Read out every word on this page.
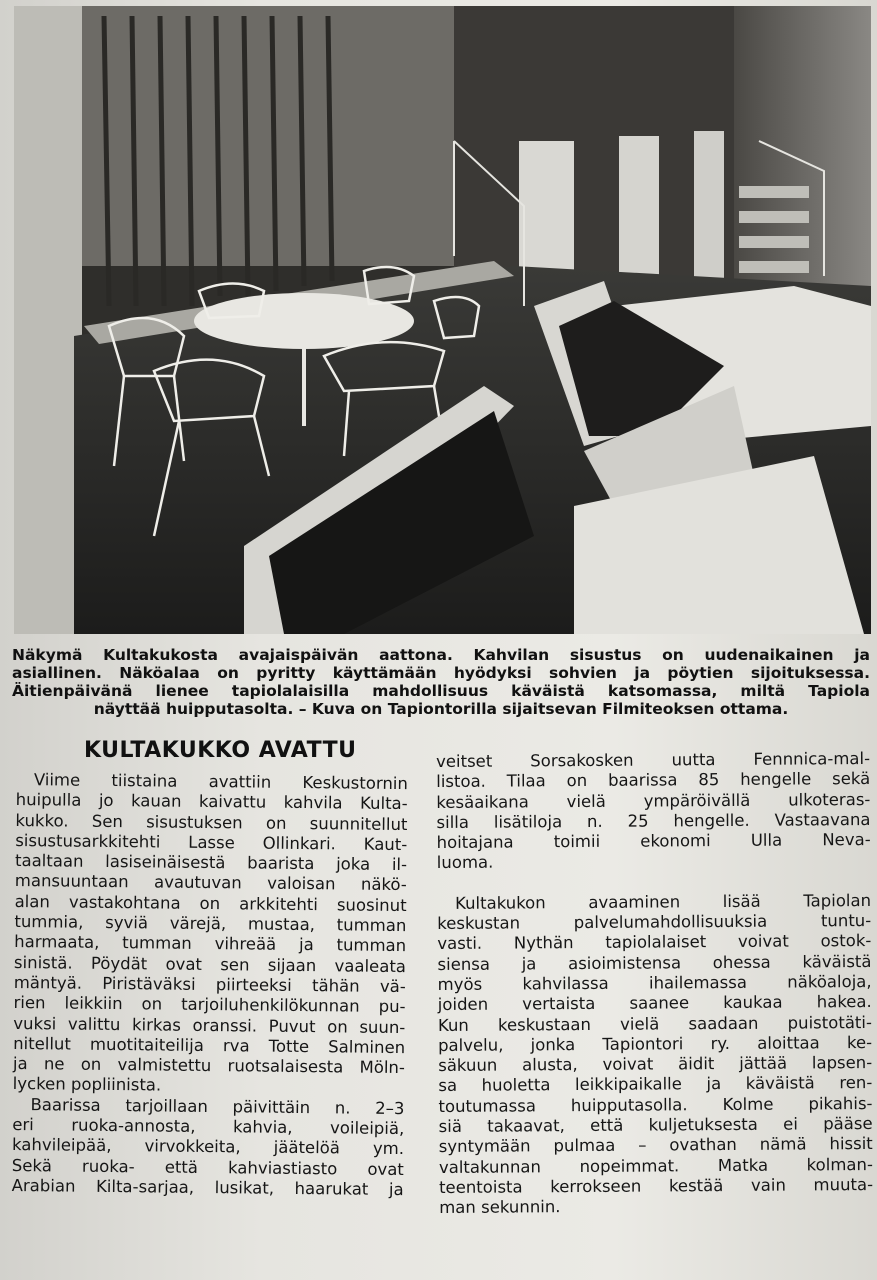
Näkymä Kultakukosta avajaispäivän aattona. Kahvilan sisustus on uudenaikainen ja
asiallinen. Näköalaa on pyritty käyttämään hyödyksi sohvien ja pöytien sijoituksessa.
Äitienpäivänä lienee tapiolalaisilla mahdollisuus käväistä katsomassa, miltä Tapiola
näyttää huipputasolta. – Kuva on Tapiontorilla sijaitsevan Filmiteoksen ottama.

KULTAKUKKO AVATTU
Viime tiistaina avattiin Keskustornin
huipulla jo kauan kaivattu kahvila Kulta-
kukko. Sen sisustuksen on suunnitellut
sisustusarkkitehti Lasse Ollinkari. Kaut-
taaltaan lasiseinäisestä baarista joka il-
mansuuntaan avautuvan valoisan näkö-
alan vastakohtana on arkkitehti suosinut
tummia, syviä värejä, mustaa, tumman
harmaata, tumman vihreää ja tumman
sinistä. Pöydät ovat sen sijaan vaaleata
mäntyä. Piristäväksi piirteeksi tähän vä-
rien leikkiin on tarjoiluhenkilökunnan pu-
vuksi valittu kirkas oranssi. Puvut on suun-
nitellut muotitaiteilija rva Totte Salminen
ja ne on valmistettu ruotsalaisesta Möln-
lycken popliinista.
Baarissa tarjoillaan päivittäin n. 2–3
eri ruoka-annosta, kahvia, voileipiä,
kahvileipää, virvokkeita, jäätelöä ym.
Sekä ruoka- että kahviastiasto ovat
Arabian Kilta-sarjaa, lusikat, haarukat ja
veitset Sorsakosken uutta Fennnica-mal-
listoa. Tilaa on baarissa 85 hengelle sekä
kesäaikana vielä ympäröivällä ulkoteras-
silla lisätiloja n. 25 hengelle. Vastaavana
hoitajana toimii ekonomi Ulla Neva-
luoma.
Kultakukon avaaminen lisää Tapiolan
keskustan palvelumahdollisuuksia tuntu-
vasti. Nythän tapiolalaiset voivat ostok-
siensa ja asioimistensa ohessa käväistä
myös kahvilassa ihailemassa näköaloja,
joiden vertaista saanee kaukaa hakea.
Kun keskustaan vielä saadaan puistotäti-
palvelu, jonka Tapiontori ry. aloittaa ke-
säkuun alusta, voivat äidit jättää lapsen-
sa huoletta leikkipaikalle ja käväistä ren-
toutumassa huipputasolla. Kolme pikahis-
siä takaavat, että kuljetuksesta ei pääse
syntymään pulmaa – ovathan nämä hissit
valtakunnan nopeimmat. Matka kolman-
teentoista kerrokseen kestää vain muuta-
man sekunnin.
